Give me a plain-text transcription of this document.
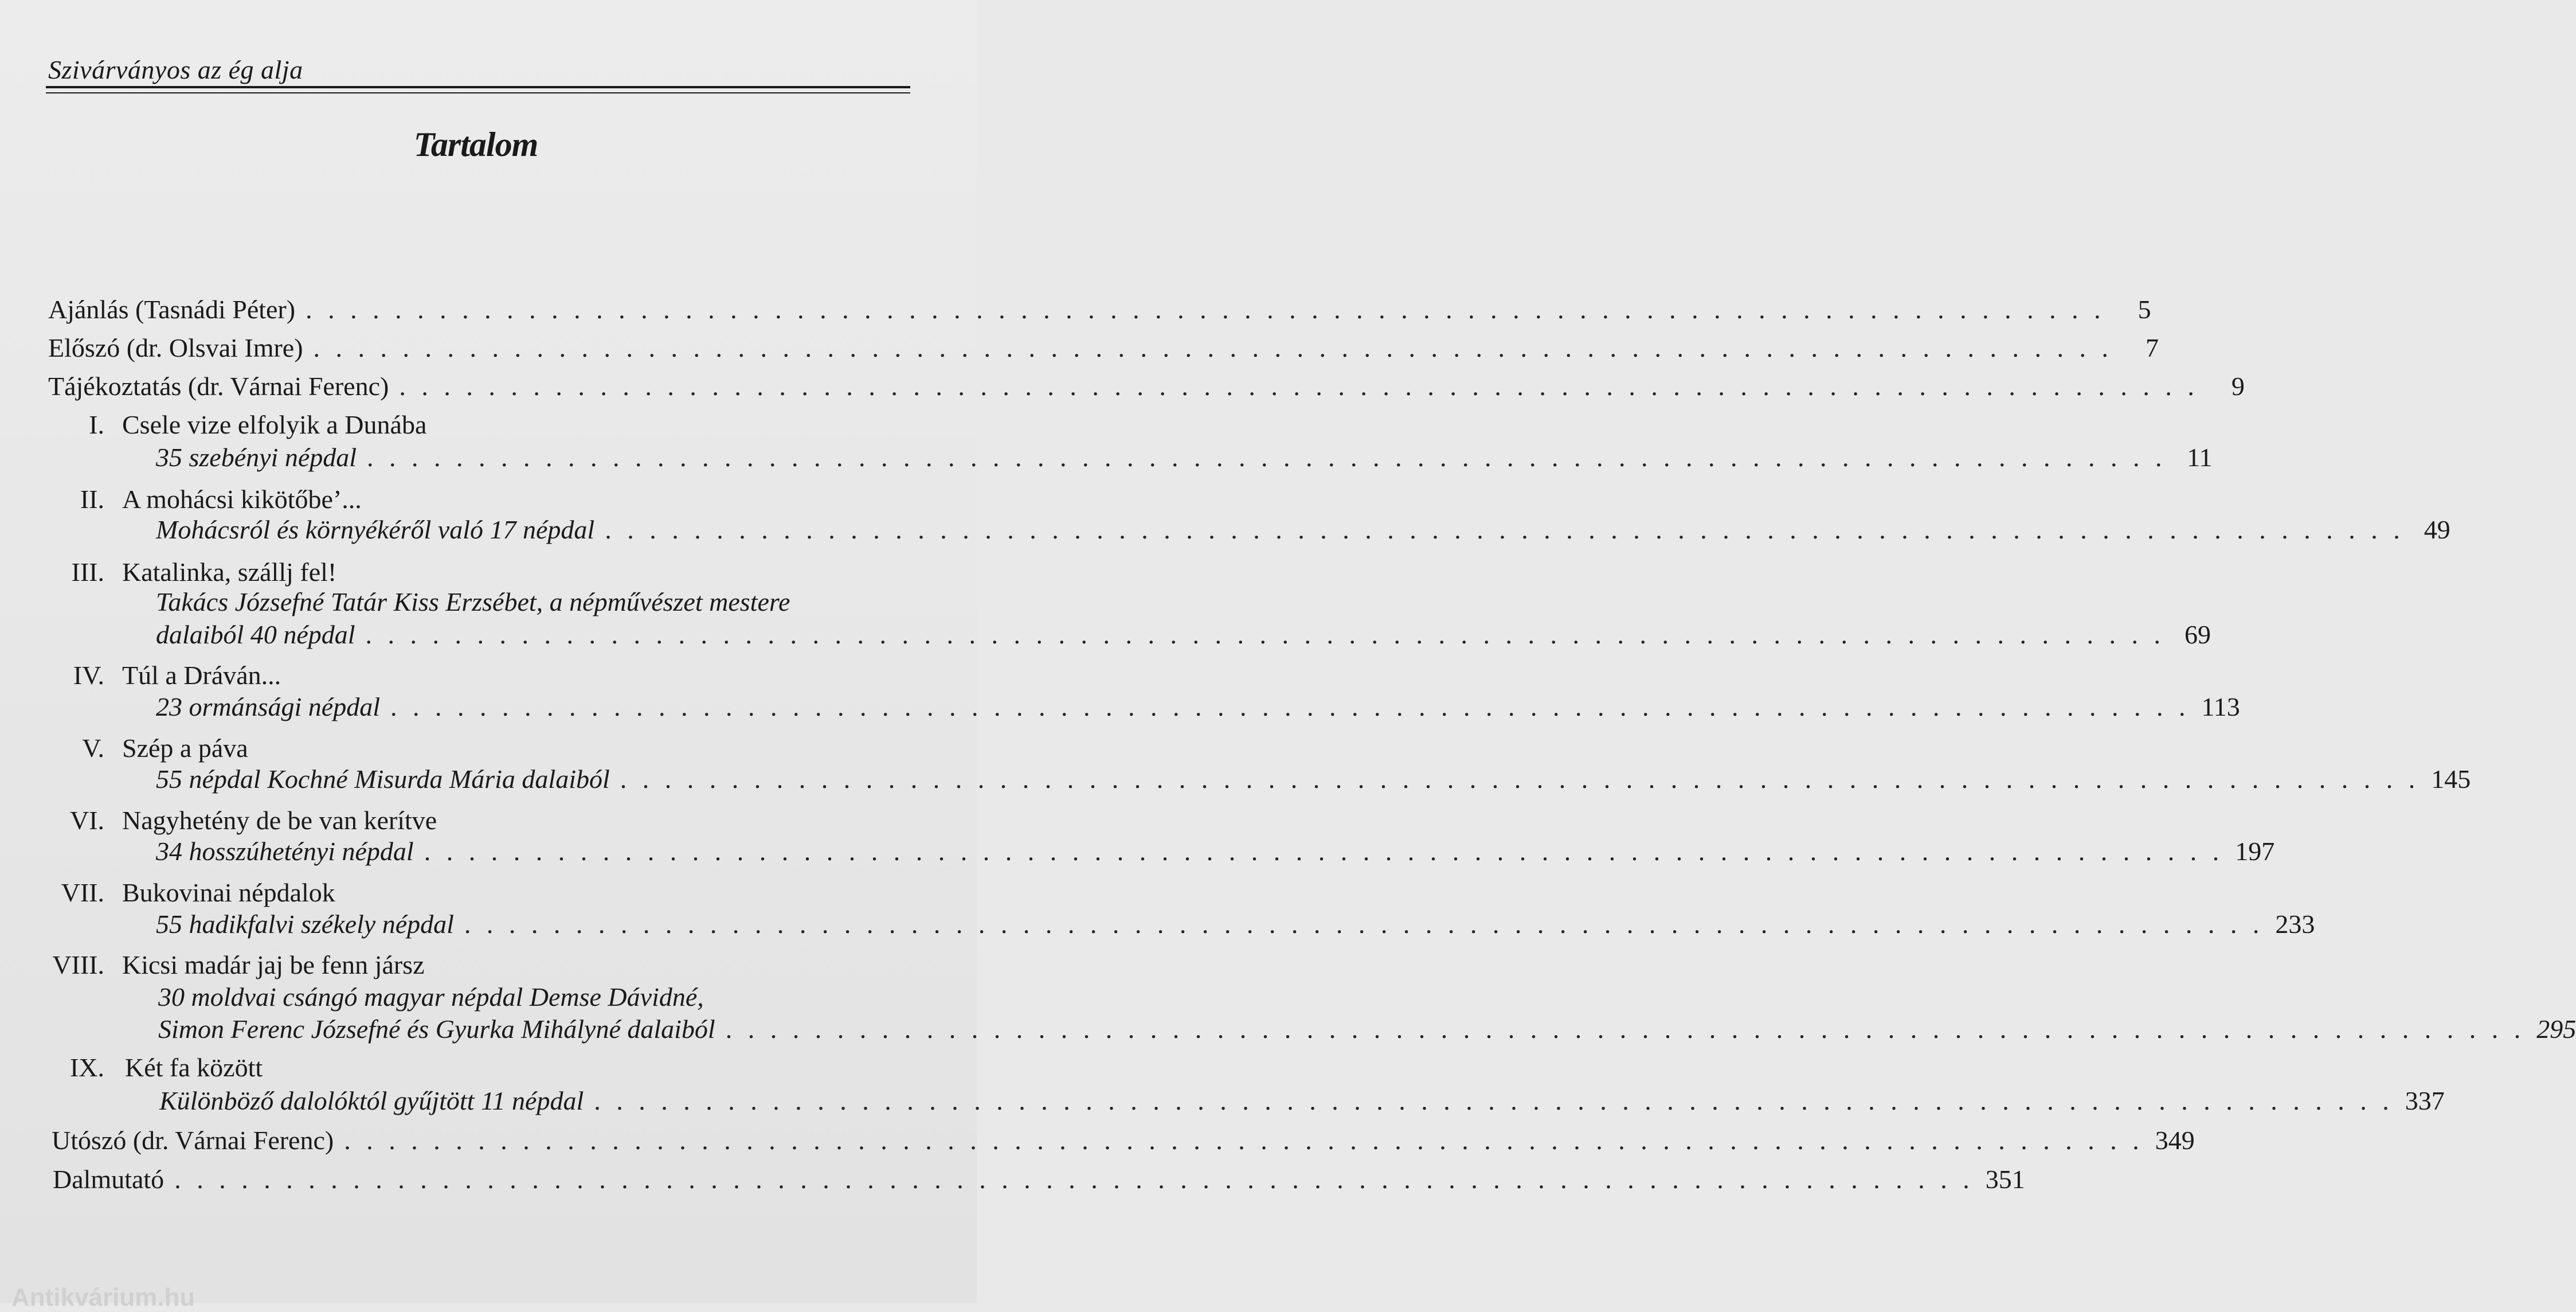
Szivárványos az ég alja
Tartalom
Ajánlás (Tasnádi Péter) . . . . . . . . . . . . . . . . . . . . . . . . . . . . . . . . . . . . . . . . . . . . . . . . . . . . . . . . . . . . . . . . . . . . . . . . . . . . . . . . .	5
Előszó (dr. Olsvai Imre) . . . . . . . . . . . . . . . . . . . . . . . . . . . . . . . . . . . . . . . . . . . . . . . . . . . . . . . . . . . . . . . . . . . . . . . . . . . . . . . . .	7
Tájékoztatás (dr. Várnai Ferenc) . . . . . . . . . . . . . . . . . . . . . . . . . . . . . . . . . . . . . . . . . . . . . . . . . . . . . . . . . . . . . . . . . . . . . . . . . . . . . . . . .	9
I. Csele vize elfolyik a Dunába
35 szebényi népdal . . . . . . . . . . . . . . . . . . . . . . . . . . . . . . . . . . . . . . . . . . . . . . . . . . . . . . . . . . . . . . . . . . . . . . . . . . . . . . . . . 11
II. A mohácsi kikötőbe’...
Mohácsról és környékéről való 17 népdal . . . . . . . . . . . . . . . . . . . . . . . . . . . . . . . . . . . . . . . . . . . . . . . . . . . . . . . . . . . . . . . . . . . . . . . . . . . . . . . . . 49
III. Katalinka, szállj fel!
Takács Józsefné Tatár Kiss Erzsébet, a népművészet mestere
dalaiból 40 népdal . . . . . . . . . . . . . . . . . . . . . . . . . . . . . . . . . . . . . . . . . . . . . . . . . . . . . . . . . . . . . . . . . . . . . . . . . . . . . . . . . 69
IV. Túl a Dráván...
23 ormánsági népdal . . . . . . . . . . . . . . . . . . . . . . . . . . . . . . . . . . . . . . . . . . . . . . . . . . . . . . . . . . . . . . . . . . . . . . . . . . . . . . . . . 113
V. Szép a páva
55 népdal Kochné Misurda Mária dalaiból . . . . . . . . . . . . . . . . . . . . . . . . . . . . . . . . . . . . . . . . . . . . . . . . . . . . . . . . . . . . . . . . . . . . . . . . . . . . . . . . . 145
VI. Nagyhetény de be van kerítve
34 hosszúhetényi népdal . . . . . . . . . . . . . . . . . . . . . . . . . . . . . . . . . . . . . . . . . . . . . . . . . . . . . . . . . . . . . . . . . . . . . . . . . . . . . . . . . 197
VII. Bukovinai népdalok
55 hadikfalvi székely népdal . . . . . . . . . . . . . . . . . . . . . . . . . . . . . . . . . . . . . . . . . . . . . . . . . . . . . . . . . . . . . . . . . . . . . . . . . . . . . . . . . 233
VIII. Kicsi madár jaj be fenn jársz
30 moldvai csángó magyar népdal Demse Dávidné,
Simon Ferenc Józsefné és Gyurka Mihályné dalaiból . . . . . . . . . . . . . . . . . . . . . . . . . . . . . . . . . . . . . . . . . . . . . . . . . . . . . . . . . . . . . . . . . . . . . . . . . . . . . . . . . 295
IX. Két fa között
Különböző dalolóktól gyűjtött 11 népdal . . . . . . . . . . . . . . . . . . . . . . . . . . . . . . . . . . . . . . . . . . . . . . . . . . . . . . . . . . . . . . . . . . . . . . . . . . . . . . . . . 337
Utószó (dr. Várnai Ferenc) . . . . . . . . . . . . . . . . . . . . . . . . . . . . . . . . . . . . . . . . . . . . . . . . . . . . . . . . . . . . . . . . . . . . . . . . . . . . . . . . . 349
Dalmutató . . . . . . . . . . . . . . . . . . . . . . . . . . . . . . . . . . . . . . . . . . . . . . . . . . . . . . . . . . . . . . . . . . . . . . . . . . . . . . . . . 351
Antikvárium.hu
